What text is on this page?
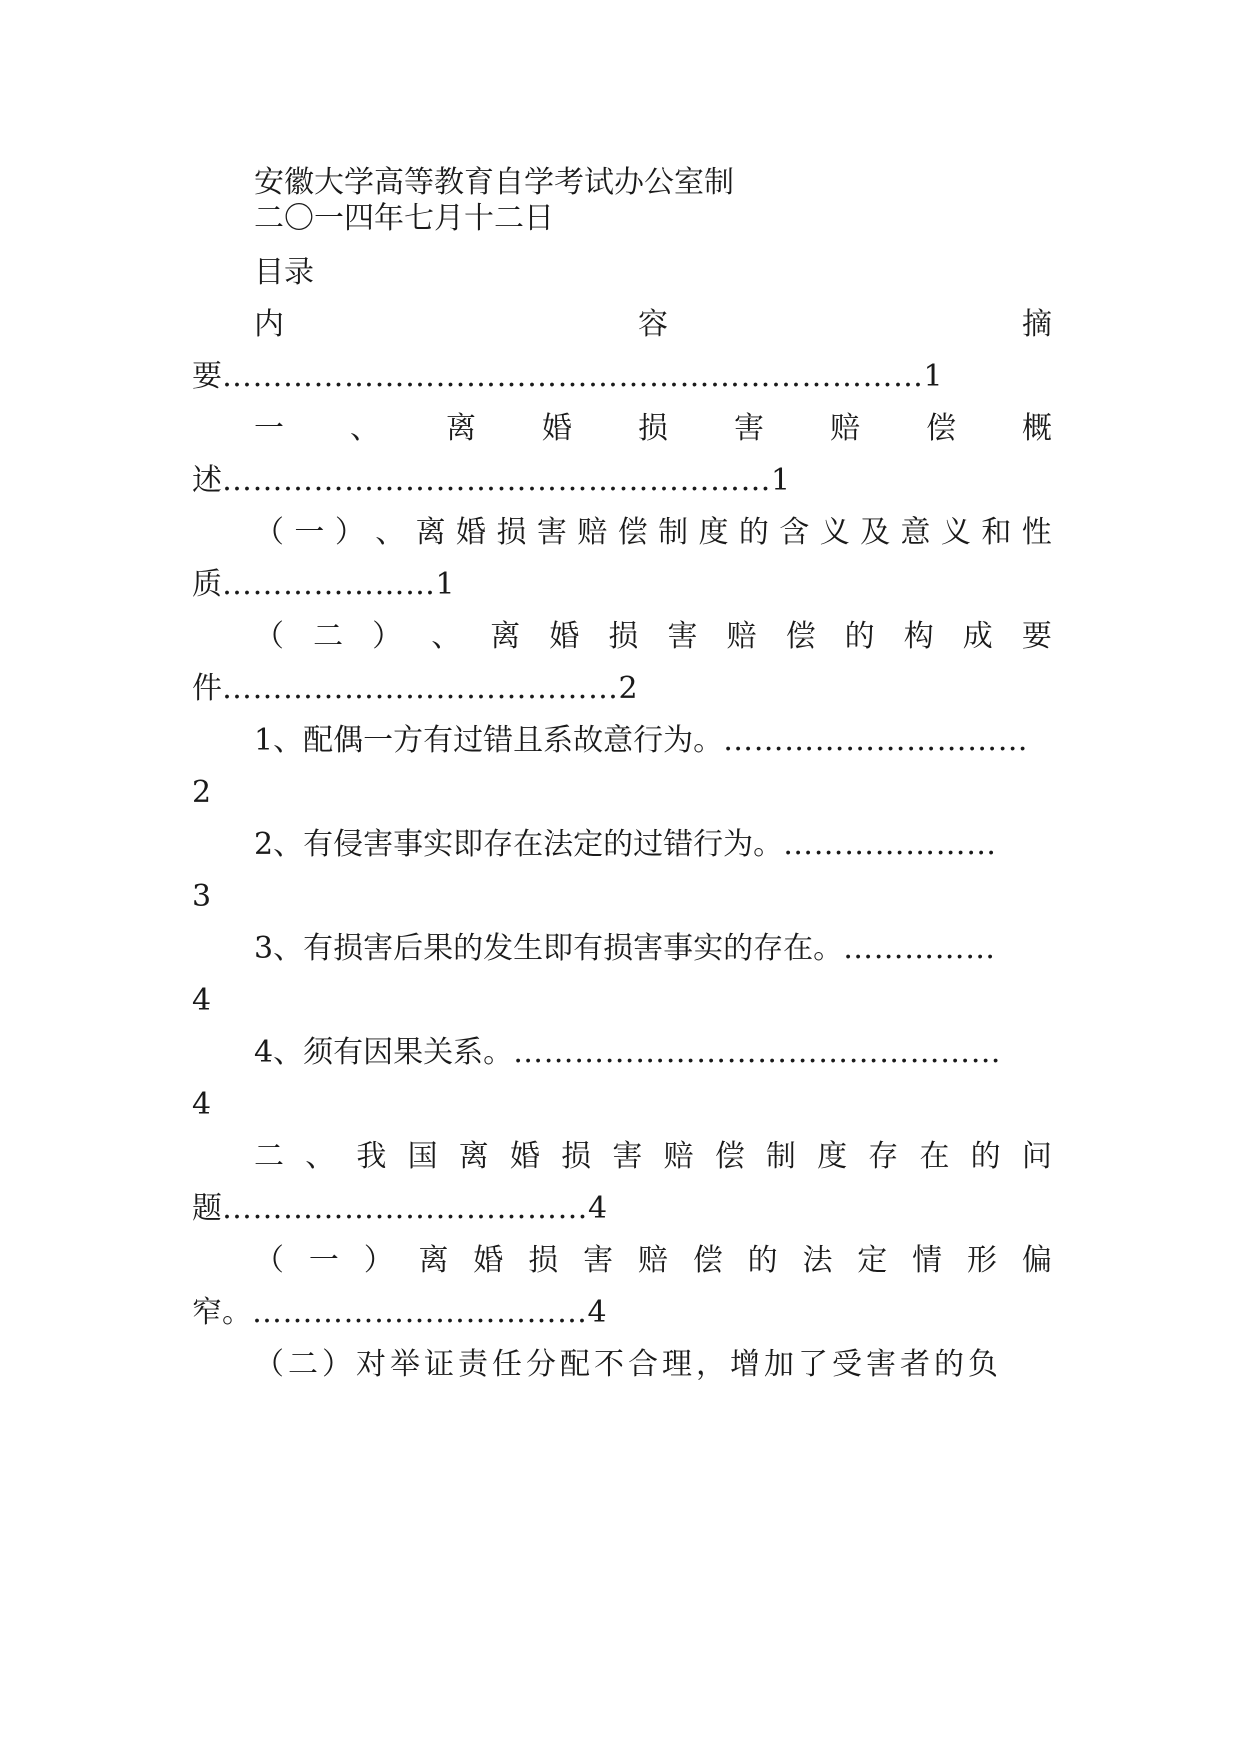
安徽大学高等教育自学考试办公室制
二〇一四年七月十二日
目录
内	容	摘
要 …………………………………………………………… 1
一 、 离 婚 损 害 赔 偿 概
述 ……………………………………………… 1
（ 一 ） 、 离 婚 损 害 赔 偿 制 度 的 含 义 及 意 义 和 性
质 ………………… 1
（ 二 ） 、 离 婚 损 害 赔 偿 的 构 成 要
件 ………………………………… 2
1、配偶一方有过错且系故意行为。 …………………………
2
2、有侵害事实即存在法定的过错行为。 …………………
3
3、有损害后果的发生即有损害事实的存在。 ……………
4
4、须有因果关系。 …………………………………………
4
二 、 我 国 离 婚 损 害 赔 偿 制 度 存 在 的 问
题 ……………………………… 4
（ 一 ） 离 婚 损 害 赔 偿 的 法 定 情 形 偏
窄。 …………………………… 4
（二）对举证责任分配不合理，增加了受害者的负
